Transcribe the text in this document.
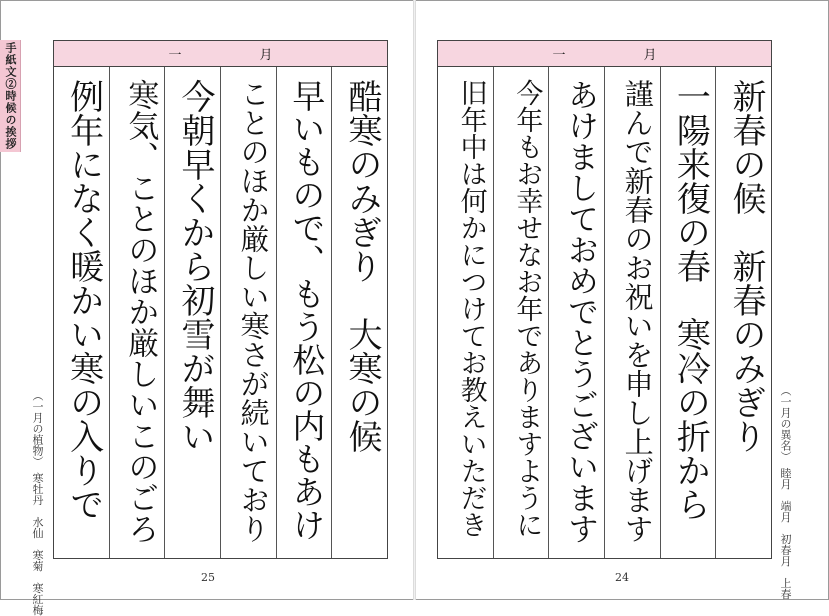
手紙文②時候の挨拶	一	月
酷寒のみぎり　大寒の候
早いもので、もう松の内もあけ
ことのほか厳しい寒さが続いており
今朝早くから初雪が舞い
寒気、ことのほか厳しいこのごろ
例年になく暖かい寒の入りで
（一月の植物）　寒牡丹　水仙　寒菊　寒紅梅	25
一	月
新春の候　新春のみぎり
一陽来復の春　寒冷の折から
謹んで新春のお祝いを申し上げます
あけましておめでとうございます
今年もお幸せなお年でありますように
旧年中は何かにつけてお教えいただき	（一月の異名）　睦月　端月　初春月　上春
24
